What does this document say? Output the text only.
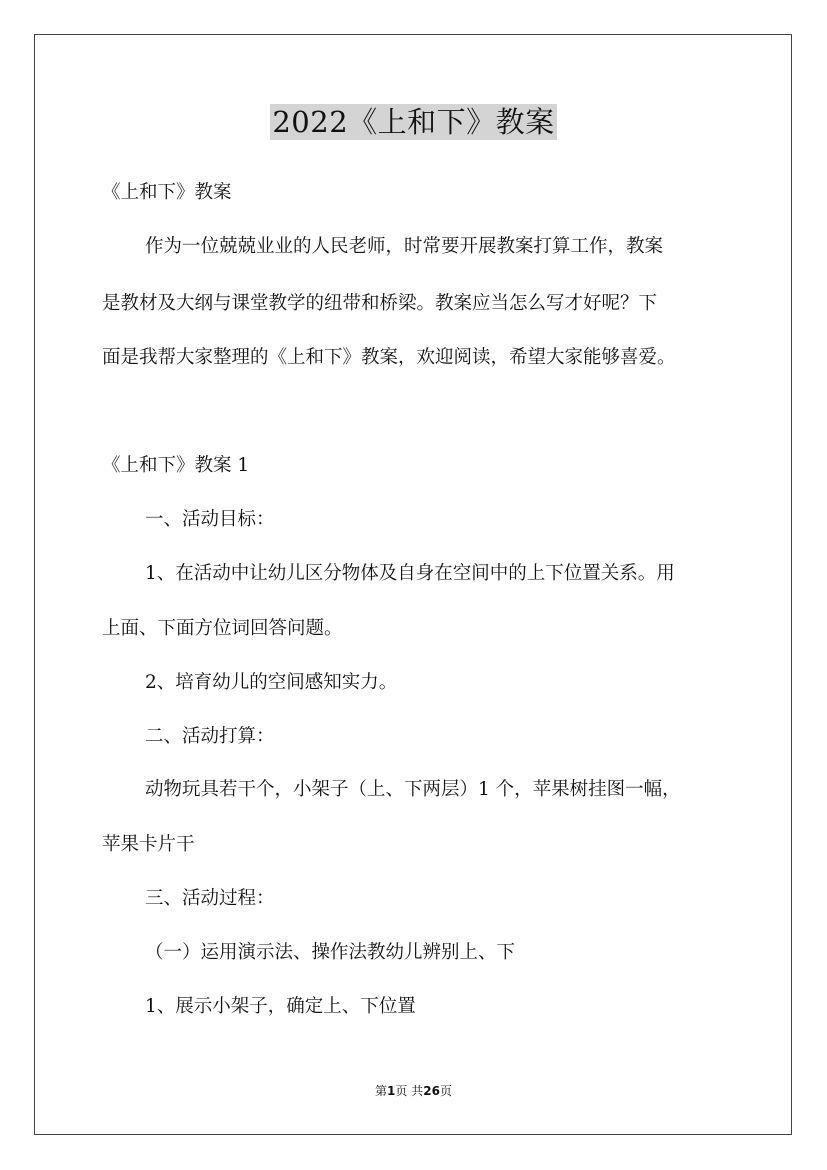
2022《上和下》教案
《上和下》教案
作为一位兢兢业业的人民老师，时常要开展教案打算工作，教案
是教材及大纲与课堂教学的纽带和桥梁。教案应当怎么写才好呢？下
面是我帮大家整理的《上和下》教案，欢迎阅读，希望大家能够喜爱。
《上和下》教案 1
一、活动目标：
1、在活动中让幼儿区分物体及自身在空间中的上下位置关系。用
上面、下面方位词回答问题。
2、培育幼儿的空间感知实力。
二、活动打算：
动物玩具若干个，小架子（上、下两层）1 个，苹果树挂图一幅，
苹果卡片干
三、活动过程：
（一）运用演示法、操作法教幼儿辨别上、下
1、展示小架子，确定上、下位置
第1页 共26页
